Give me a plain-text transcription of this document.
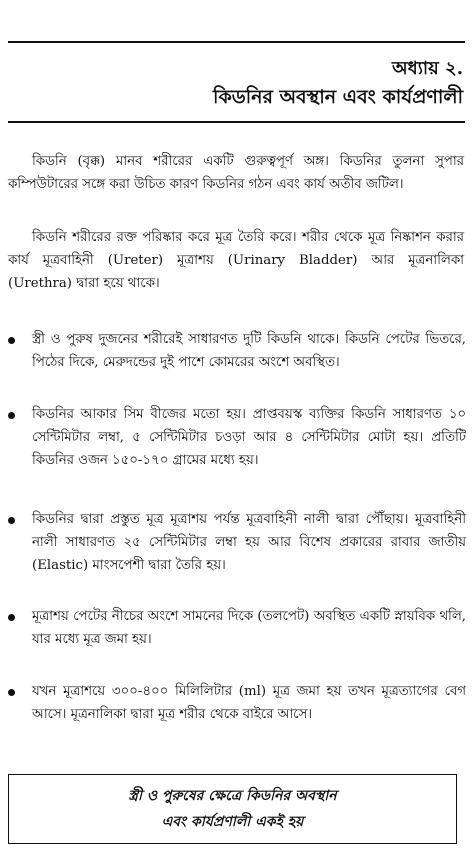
অধ্যায় ২.
কিডনির অবস্থান এবং কার্যপ্রণালী

কিডনি (বৃক্ক) মানব শরীরের একটি গুরুত্বপূর্ণ অঙ্গ। কিডনির তুলনা সুপার কম্পিউটারের সঙ্গে করা উচিত কারণ কিডনির গঠন এবং কার্য অতীব জটিল।

কিডনি শরীরের রক্ত পরিষ্কার করে মূত্র তৈরি করে। শরীর থেকে মূত্র নিষ্কাশন করার কার্য মূত্রবাহিনী (Ureter) মূত্রাশয় (Urinary Bladder) আর মূত্রনালিকা (Urethra) দ্বারা হয়ে থাকে।

স্ত্রী ও পুরুষ দুজনের শরীরেই সাধারণত দুটি কিডনি থাকে। কিডনি পেটের ভিতরে, পিঠের দিকে, মেরুদন্ডের দুই পাশে কোমরের অংশে অবস্থিত।
কিডনির আকার সিম বীজের মতো হয়। প্রাপ্তবয়স্ক ব্যক্তির কিডনি সাধারণত ১০ সেন্টিমিটার লম্বা, ৫ সেন্টিমিটার চওড়া আর ৪ সেন্টিমিটার মোটা হয়। প্রতিটি কিডনির ওজন ১৫০-১৭০ গ্রামের মধ্যে হয়।
কিডনির দ্বারা প্রস্তুত মূত্র মূত্রাশয় পর্যন্ত মূত্রবাহিনী নালী দ্বারা পৌঁছায়। মূত্রবাহিনী নালী সাধারণত ২৫ সেন্টিমিটার লম্বা হয় আর বিশেষ প্রকারের রাবার জাতীয় (Elastic) মাংসপেশী দ্বারা তৈরি হয়।
মূত্রাশয় পেটের নীচের অংশে সামনের দিকে (তলপেট) অবস্থিত একটি স্নায়বিক থলি, যার মধ্যে মূত্র জমা হয়।
যখন মূত্রাশয়ে ৩০০-৪০০ মিলিলিটার (ml) মূত্র জমা হয় তখন মূত্রত্যাগের বেগ আসে। মূত্রনালিকা দ্বারা মূত্র শরীর থেকে বাইরে আসে।
স্ত্রী ও পুরুষের ক্ষেত্রে কিডনির অবস্থান
এবং কার্যপ্রণালী একই হয়
